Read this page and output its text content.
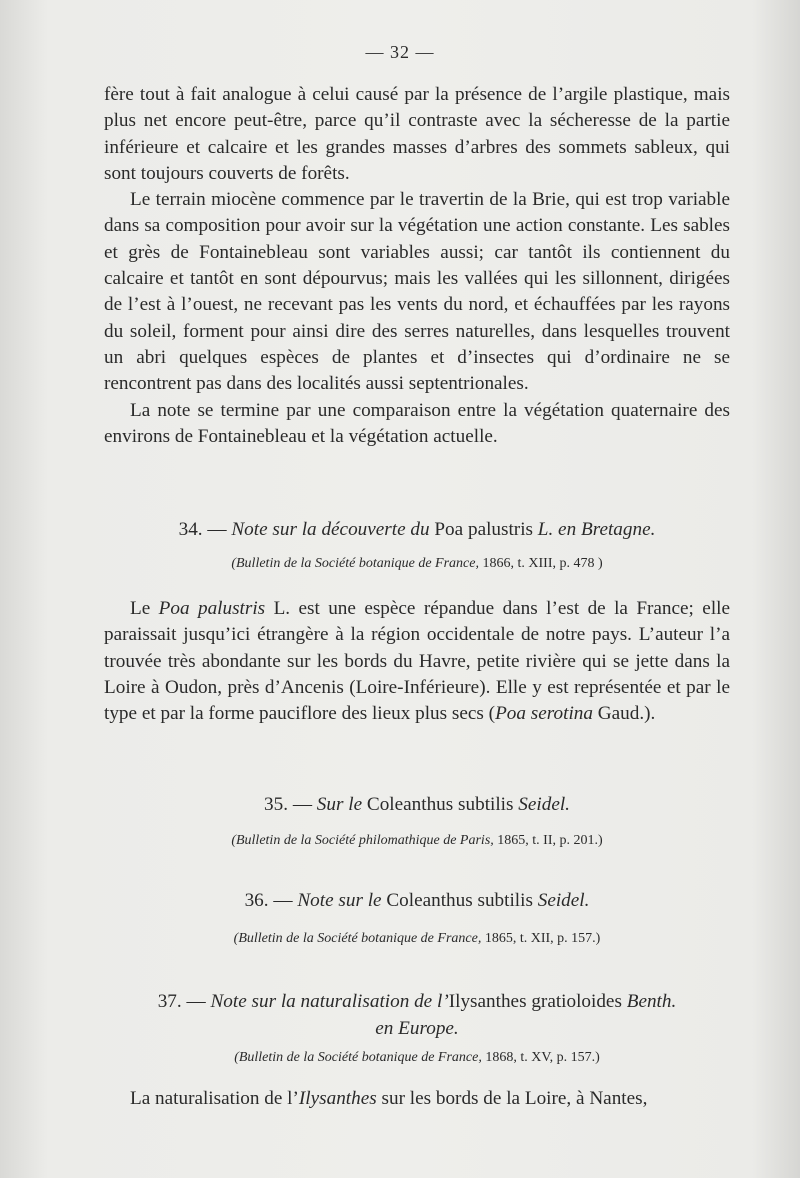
— 32 —

fère tout à fait analogue à celui causé par la présence de l’argile plastique, mais plus net encore peut-être, parce qu’il contraste avec la sécheresse de la partie inférieure et calcaire et les grandes masses d’arbres des sommets sableux, qui sont toujours couverts de forêts.

Le terrain miocène commence par le travertin de la Brie, qui est trop variable dans sa composition pour avoir sur la végétation une action constante. Les sables et grès de Fontainebleau sont variables aussi; car tantôt ils contiennent du calcaire et tantôt en sont dépourvus; mais les vallées qui les sillonnent, dirigées de l’est à l’ouest, ne recevant pas les vents du nord, et échauffées par les rayons du soleil, forment pour ainsi dire des serres naturelles, dans lesquelles trouvent un abri quelques espèces de plantes et d’insectes qui d’ordinaire ne se rencontrent pas dans des localités aussi septentrionales.

La note se termine par une comparaison entre la végétation quaternaire des environs de Fontainebleau et la végétation actuelle.

34. — Note sur la découverte du Poa palustris L. en Bretagne.
(Bulletin de la Société botanique de France, 1866, t. XIII, p. 478 )

Le Poa palustris L. est une espèce répandue dans l’est de la France; elle paraissait jusqu’ici étrangère à la région occidentale de notre pays. L’auteur l’a trouvée très abondante sur les bords du Havre, petite rivière qui se jette dans la Loire à Oudon, près d’Ancenis (Loire-Inférieure). Elle y est représentée et par le type et par la forme pauciflore des lieux plus secs (Poa serotina Gaud.).

35. — Sur le Coleanthus subtilis Seidel.
(Bulletin de la Société philomathique de Paris, 1865, t. II, p. 201.)
36. — Note sur le Coleanthus subtilis Seidel.
(Bulletin de la Société botanique de France, 1865, t. XII, p. 157.)
37. — Note sur la naturalisation de l’Ilysanthes gratioloides Benth.
en Europe.
(Bulletin de la Société botanique de France, 1868, t. XV, p. 157.)

La naturalisation de l’Ilysanthes sur les bords de la Loire, à Nantes,
